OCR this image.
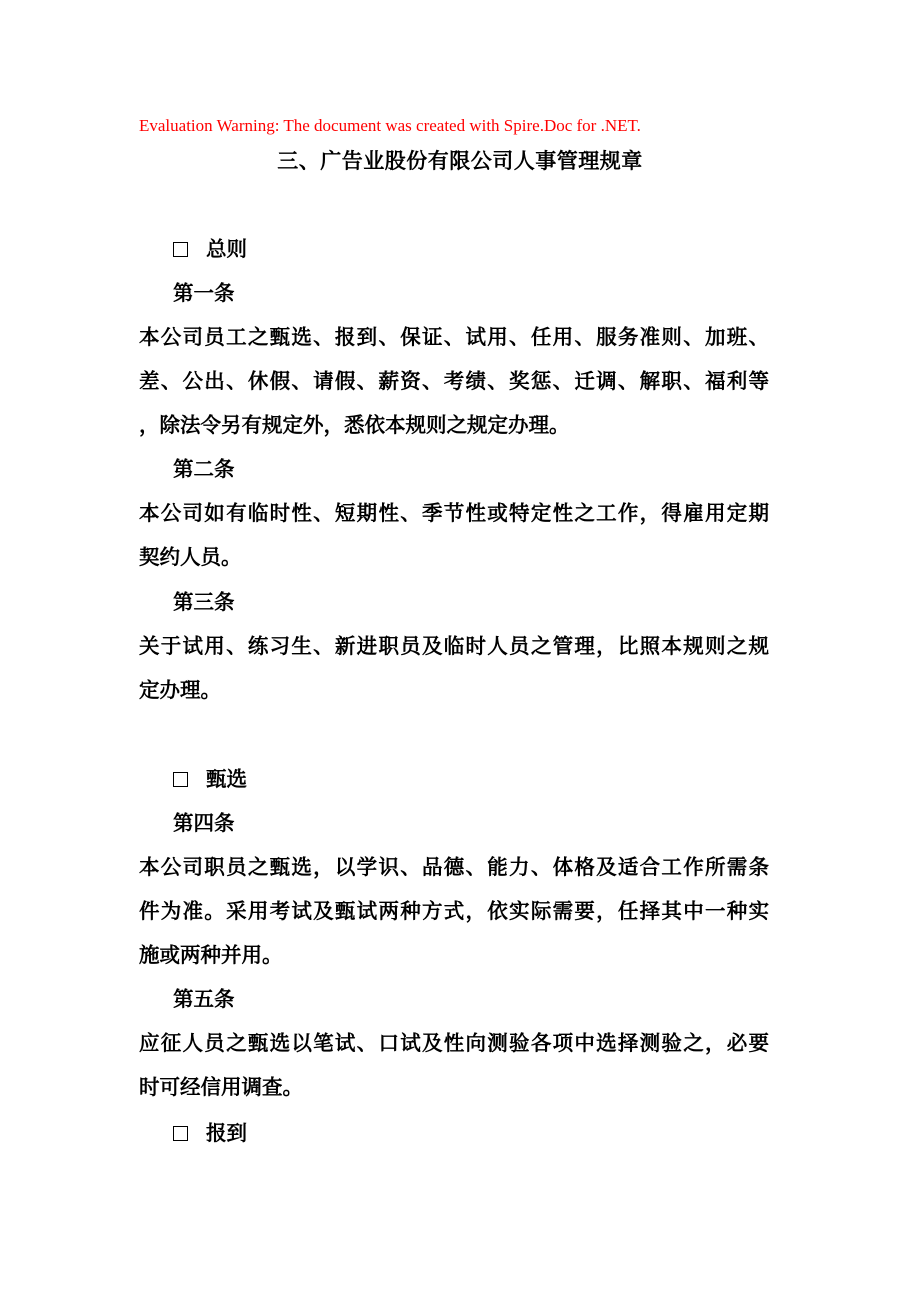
Evaluation Warning: The document was created with Spire.Doc for .NET.
三、广告业股份有限公司人事管理规章
总则
第一条
本公司员工之甄选、报到、保证、试用、任用、服务准则、加班、
差、公出、休假、请假、薪资、考绩、奖惩、迁调、解职、福利等
，除法令另有规定外，悉依本规则之规定办理。
第二条
本公司如有临时性、短期性、季节性或特定性之工作，得雇用定期
契约人员。
第三条
关于试用、练习生、新进职员及临时人员之管理，比照本规则之规
定办理。
甄选
第四条
本公司职员之甄选，以学识、品德、能力、体格及适合工作所需条
件为准。采用考试及甄试两种方式，依实际需要，任择其中一种实
施或两种并用。
第五条
应征人员之甄选以笔试、口试及性向测验各项中选择测验之，必要
时可经信用调查。
报到
